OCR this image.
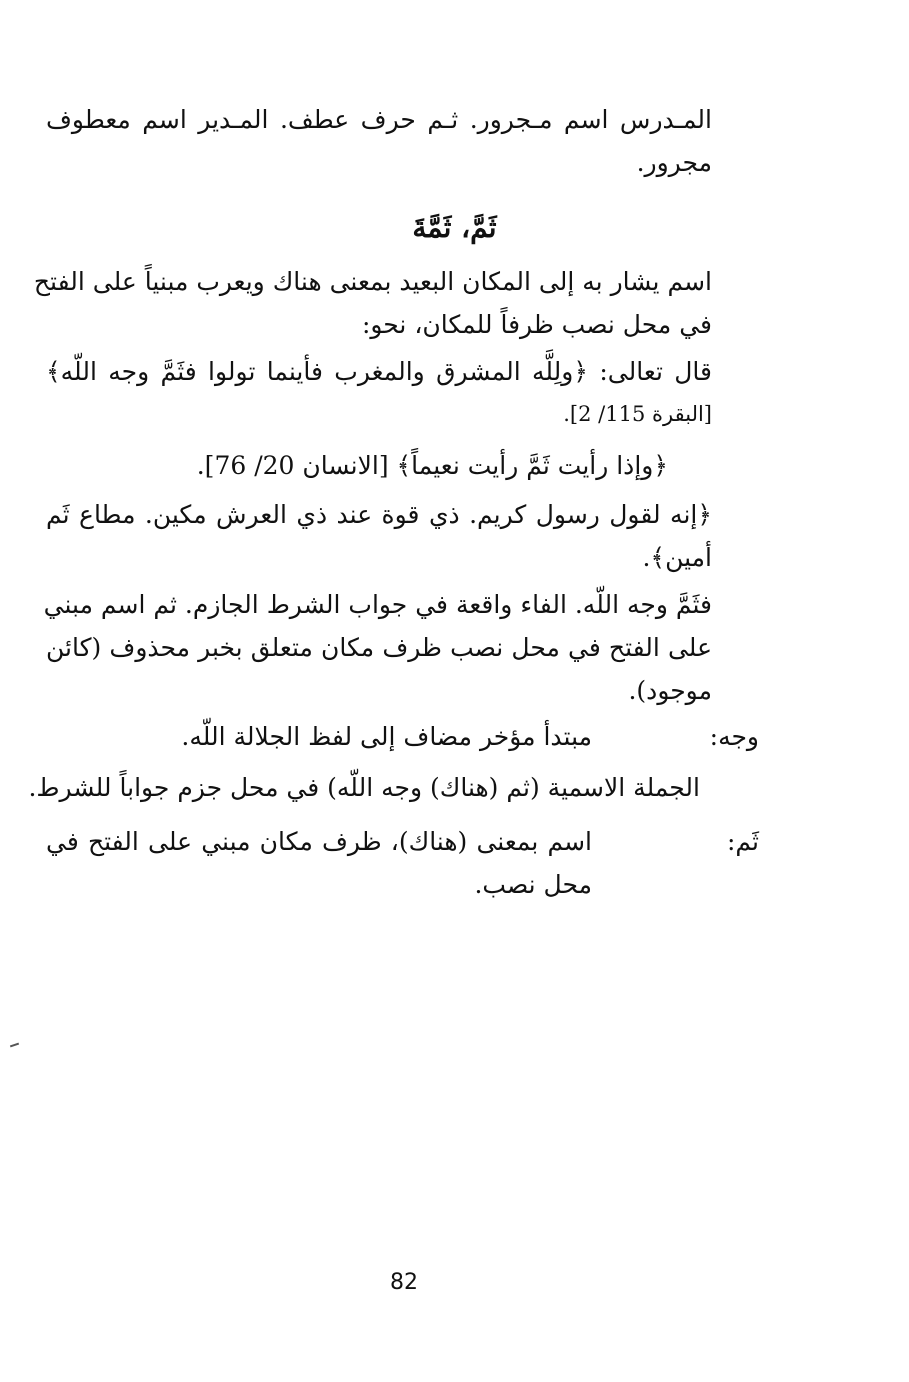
المـدرس اسم مـجرور. ثـم حرف عطف. المـدير اسم معطوف
مجرور.
ثَمَّ، ثَمَّةَ
اسم يشار به إلى المكان البعيد بمعنى هناك ويعرب مبنياً على الفتح
في محل نصب ظرفاً للمكان، نحو:
قال تعالى: ﴿ولِلَّه المشرق والمغرب فأينما تولوا فثَمَّ وجه اللّه﴾
[البقرة 115/ 2].
﴿وإذا رأيت ثَمَّ رأيت نعيماً﴾ [الانسان 20/ 76].
﴿إنه لقول رسول كريم. ذي قوة عند ذي العرش مكين. مطاع ثَم
أمين﴾.
فثَمَّ وجه اللّه. الفاء واقعة في جواب الشرط الجازم. ثم اسم مبني
على الفتح في محل نصب ظرف مكان متعلق بخبر محذوف (كائن
موجود).
وجه:
مبتدأ مؤخر مضاف إلى لفظ الجلالة اللّه.
الجملة الاسمية (ثم (هناك) وجه اللّه) في محل جزم جواباً للشرط.
ثَم:
اسم بمعنى (هناك)، ظرف مكان مبني على الفتح في
محل نصب.
82
